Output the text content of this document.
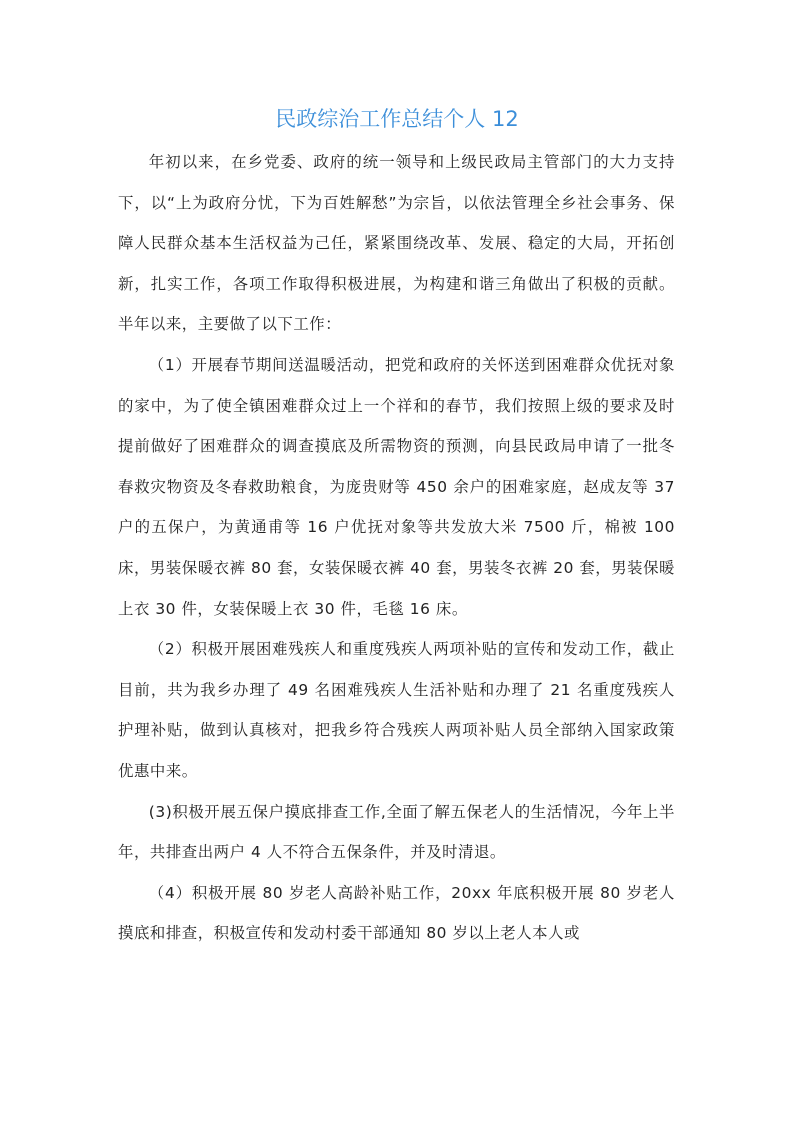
民政综治工作总结个人 12

年初以来，在乡党委、政府的统一领导和上级民政局主管部门的大力支持下，以“上为政府分忧，下为百姓解愁”为宗旨，以依法管理全乡社会事务、保障人民群众基本生活权益为己任，紧紧围绕改革、发展、稳定的大局，开拓创新，扎实工作，各项工作取得积极进展，为构建和谐三角做出了积极的贡献。半年以来，主要做了以下工作：

（1）开展春节期间送温暖活动，把党和政府的关怀送到困难群众优抚对象的家中，为了使全镇困难群众过上一个祥和的春节，我们按照上级的要求及时提前做好了困难群众的调查摸底及所需物资的预测，向县民政局申请了一批冬春救灾物资及冬春救助粮食，为庞贵财等 450 余户的困难家庭，赵成友等 37 户的五保户，为黄通甫等 16 户优抚对象等共发放大米 7500 斤，棉被 100 床，男装保暖衣裤 80 套，女装保暖衣裤 40 套，男装冬衣裤 20 套，男装保暖上衣 30 件，女装保暖上衣 30 件，毛毯 16 床。

（2）积极开展困难残疾人和重度残疾人两项补贴的宣传和发动工作，截止目前，共为我乡办理了 49 名困难残疾人生活补贴和办理了 21 名重度残疾人护理补贴，做到认真核对，把我乡符合残疾人两项补贴人员全部纳入国家政策优惠中来。

(3)积极开展五保户摸底排查工作,全面了解五保老人的生活情况，今年上半年，共排查出两户 4 人不符合五保条件，并及时清退。

（4）积极开展 80 岁老人高龄补贴工作，20xx 年底积极开展 80 岁老人摸底和排查，积极宣传和发动村委干部通知 80 岁以上老人本人或
